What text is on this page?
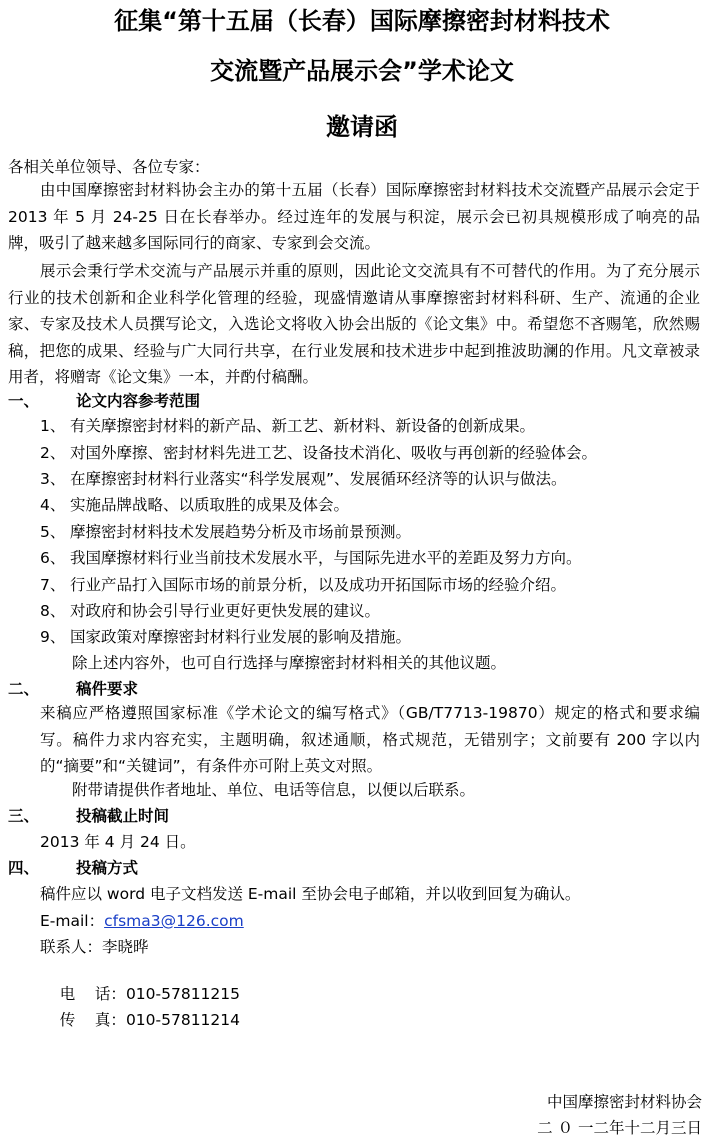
征集“第十五届（长春）国际摩擦密封材料技术
交流暨产品展示会”学术论文
邀请函
各相关单位领导、各位专家：
由中国摩擦密封材料协会主办的第十五届（长春）国际摩擦密封材料技术交流暨产品展示会定于 2013 年 5 月 24-25 日在长春举办。经过连年的发展与积淀，展示会已初具规模形成了响亮的品牌，吸引了越来越多国际同行的商家、专家到会交流。
展示会秉行学术交流与产品展示并重的原则，因此论文交流具有不可替代的作用。为了充分展示行业的技术创新和企业科学化管理的经验，现盛情邀请从事摩擦密封材料科研、生产、流通的企业家、专家及技术人员撰写论文，入选论文将收入协会出版的《论文集》中。希望您不吝赐笔，欣然赐稿，把您的成果、经验与广大同行共享，在行业发展和技术进步中起到推波助澜的作用。凡文章被录用者，将赠寄《论文集》一本，并酌付稿酬。
一、 论文内容参考范围
1、 有关摩擦密封材料的新产品、新工艺、新材料、新设备的创新成果。
2、 对国外摩擦、密封材料先进工艺、设备技术消化、吸收与再创新的经验体会。
3、 在摩擦密封材料行业落实“科学发展观”、发展循环经济等的认识与做法。
4、 实施品牌战略、以质取胜的成果及体会。
5、 摩擦密封材料技术发展趋势分析及市场前景预测。
6、 我国摩擦材料行业当前技术发展水平，与国际先进水平的差距及努力方向。
7、 行业产品打入国际市场的前景分析，以及成功开拓国际市场的经验介绍。
8、 对政府和协会引导行业更好更快发展的建议。
9、 国家政策对摩擦密封材料行业发展的影响及措施。
除上述内容外，也可自行选择与摩擦密封材料相关的其他议题。
二、 稿件要求
来稿应严格遵照国家标准《学术论文的编写格式》（GB/T7713-19870）规定的格式和要求编写。稿件力求内容充实，主题明确，叙述通顺，格式规范，无错别字；文前要有 200 字以内的“摘要”和“关键词”，有条件亦可附上英文对照。
附带请提供作者地址、单位、电话等信息，以便以后联系。
三、 投稿截止时间
2013 年 4 月 24 日。
四、 投稿方式
稿件应以 word 电子文档发送 E-mail 至协会电子邮箱，并以收到回复为确认。
E-mail：cfsma3@126.com
联系人：李晓晔

电    话：010-57811215

传    真：010-57811214

中国摩擦密封材料协会
二 ０ 一二年十二月三日
